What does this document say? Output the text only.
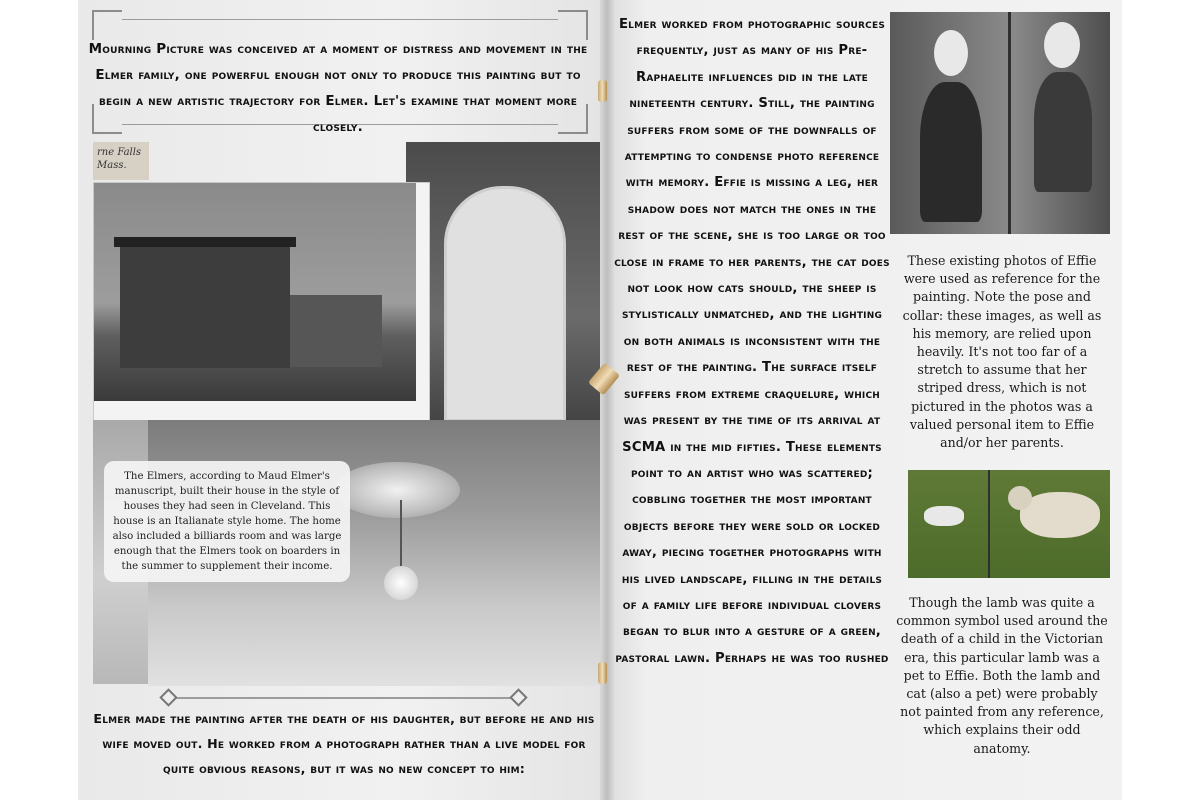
Mourning Picture was conceived at a moment of distress and movement in the Elmer family, one powerful enough not only to produce this painting but to begin a new artistic trajectory for Elmer. Let's examine that moment more closely.
rne Falls Mass.
The Elmers, according to Maud Elmer's manuscript, built their house in the style of houses they had seen in Cleveland. This house is an Italianate style home. The home also included a billiards room and was large enough that the Elmers took on boarders in the summer to supplement their income.
Elmer made the painting after the death of his daughter, but before he and his wife moved out. He worked from a photograph rather than a live model for quite obvious reasons, but it was no new concept to him:
Elmer worked from photographic sources frequently, just as many of his Pre-Raphaelite influences did in the late nineteenth century. Still, the painting suffers from some of the downfalls of attempting to condense photo reference with memory. Effie is missing a leg, her shadow does not match the ones in the rest of the scene, she is too large or too close in frame to her parents, the cat does not look how cats should, the sheep is stylistically unmatched, and the lighting on both animals is inconsistent with the rest of the painting. The surface itself suffers from extreme craquelure, which was present by the time of its arrival at SCMA in the mid fifties. These elements point to an artist who was scattered; cobbling together the most important objects before they were sold or locked away, piecing together photographs with his lived landscape, filling in the details of a family life before individual clovers began to blur into a gesture of a green, pastoral lawn. Perhaps he was too rushed
These existing photos of Effie were used as reference for the painting. Note the pose and collar: these images, as well as his memory, are relied upon heavily. It's not too far of a stretch to assume that her striped dress, which is not pictured in the photos was a valued personal item to Effie and/or her parents.
Though the lamb was quite a common symbol used around the death of a child in the Victorian era, this particular lamb was a pet to Effie. Both the lamb and cat (also a pet) were probably not painted from any reference, which explains their odd anatomy.
